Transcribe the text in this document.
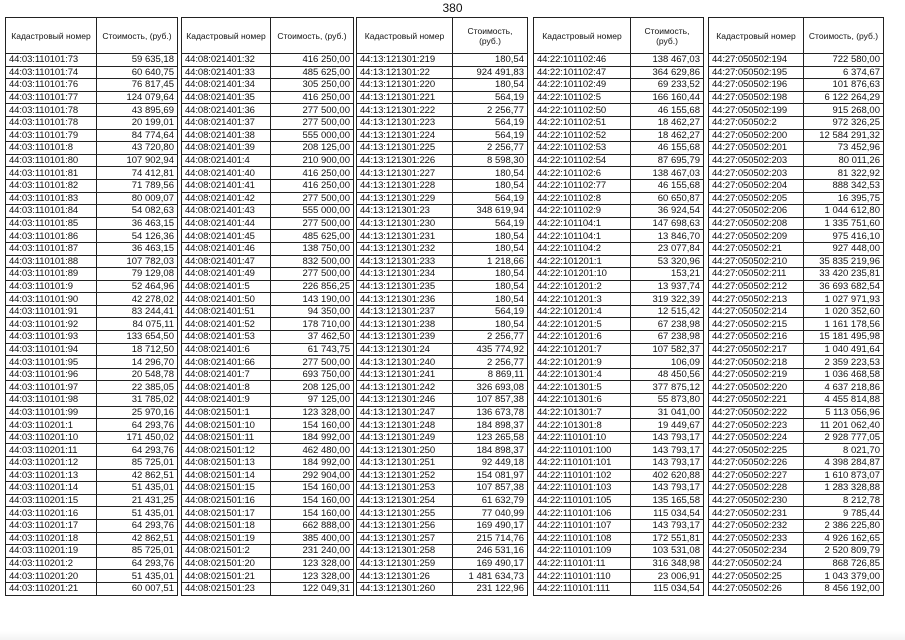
380
Кадастровый номер	Стоимость, (руб.)
44:03:110101:73	59 635,18
44:03:110101:74	60 640,75
44:03:110101:76	76 817,45
44:03:110101:77	124 079,64
44:03:110101:78	43 895,69
44:03:110101:78	20 199,01
44:03:110101:79	84 774,64
44:03:110101:8	43 720,80
44:03:110101:80	107 902,94
44:03:110101:81	74 412,81
44:03:110101:82	71 789,56
44:03:110101:83	80 009,07
44:03:110101:84	54 082,63
44:03:110101:85	36 463,15
44:03:110101:86	54 126,36
44:03:110101:87	36 463,15
44:03:110101:88	107 782,03
44:03:110101:89	79 129,08
44:03:110101:9	52 464,96
44:03:110101:90	42 278,02
44:03:110101:91	83 244,41
44:03:110101:92	84 075,11
44:03:110101:93	133 654,50
44:03:110101:94	18 712,50
44:03:110101:95	14 296,70
44:03:110101:96	20 548,78
44:03:110101:97	22 385,05
44:03:110101:98	31 785,02
44:03:110101:99	25 970,16
44:03:110201:1	64 293,76
44:03:110201:10	171 450,02
44:03:110201:11	64 293,76
44:03:110201:12	85 725,01
44:03:110201:13	42 862,51
44:03:110201:14	51 435,01
44:03:110201:15	21 431,25
44:03:110201:16	51 435,01
44:03:110201:17	64 293,76
44:03:110201:18	42 862,51
44:03:110201:19	85 725,01
44:03:110201:2	64 293,76
44:03:110201:20	51 435,01
44:03:110201:21	60 007,51
Кадастровый номер	Стоимость, (руб.)
44:08:021401:32	416 250,00
44:08:021401:33	485 625,00
44:08:021401:34	305 250,00
44:08:021401:35	416 250,00
44:08:021401:36	277 500,00
44:08:021401:37	277 500,00
44:08:021401:38	555 000,00
44:08:021401:39	208 125,00
44:08:021401:4	210 900,00
44:08:021401:40	416 250,00
44:08:021401:41	416 250,00
44:08:021401:42	277 500,00
44:08:021401:43	555 000,00
44:08:021401:44	277 500,00
44:08:021401:45	485 625,00
44:08:021401:46	138 750,00
44:08:021401:47	832 500,00
44:08:021401:49	277 500,00
44:08:021401:5	226 856,25
44:08:021401:50	143 190,00
44:08:021401:51	94 350,00
44:08:021401:52	178 710,00
44:08:021401:53	37 462,50
44:08:021401:6	61 743,75
44:08:021401:66	277 500,00
44:08:021401:7	693 750,00
44:08:021401:8	208 125,00
44:08:021401:9	97 125,00
44:08:021501:1	123 328,00
44:08:021501:10	154 160,00
44:08:021501:11	184 992,00
44:08:021501:12	462 480,00
44:08:021501:13	184 992,00
44:08:021501:14	292 904,00
44:08:021501:15	154 160,00
44:08:021501:16	154 160,00
44:08:021501:17	154 160,00
44:08:021501:18	662 888,00
44:08:021501:19	385 400,00
44:08:021501:2	231 240,00
44:08:021501:20	123 328,00
44:08:021501:21	123 328,00
44:08:021501:23	122 049,31
Кадастровый номер	Стоимость, (руб.)
44:13:121301:219	180,54
44:13:121301:22	924 491,83
44:13:121301:220	180,54
44:13:121301:221	564,19
44:13:121301:222	2 256,77
44:13:121301:223	564,19
44:13:121301:224	564,19
44:13:121301:225	2 256,77
44:13:121301:226	8 598,30
44:13:121301:227	180,54
44:13:121301:228	180,54
44:13:121301:229	564,19
44:13:121301:23	348 619,94
44:13:121301:230	564,19
44:13:121301:231	180,54
44:13:121301:232	180,54
44:13:121301:233	1 218,66
44:13:121301:234	180,54
44:13:121301:235	180,54
44:13:121301:236	180,54
44:13:121301:237	564,19
44:13:121301:238	180,54
44:13:121301:239	2 256,77
44:13:121301:24	435 774,92
44:13:121301:240	2 256,77
44:13:121301:241	8 869,11
44:13:121301:242	326 693,08
44:13:121301:246	107 857,38
44:13:121301:247	136 673,78
44:13:121301:248	184 898,37
44:13:121301:249	123 265,58
44:13:121301:250	184 898,37
44:13:121301:251	92 449,18
44:13:121301:252	154 081,97
44:13:121301:253	107 857,38
44:13:121301:254	61 632,79
44:13:121301:255	77 040,99
44:13:121301:256	169 490,17
44:13:121301:257	215 714,76
44:13:121301:258	246 531,16
44:13:121301:259	169 490,17
44:13:121301:26	1 481 634,73
44:13:121301:260	231 122,96
Кадастровый номер	Стоимость, (руб.)
44:22:101102:46	138 467,03
44:22:101102:47	364 629,86
44:22:101102:49	69 233,52
44:22:101102:5	166 160,44
44:22:101102:50	46 155,68
44:22:101102:51	18 462,27
44:22:101102:52	18 462,27
44:22:101102:53	46 155,68
44:22:101102:54	87 695,79
44:22:101102:6	138 467,03
44:22:101102:77	46 155,68
44:22:101102:8	60 650,87
44:22:101102:9	36 924,54
44:22:101104:1	147 698,63
44:22:101104:1	13 846,70
44:22:101104:2	23 077,84
44:22:101201:1	53 320,96
44:22:101201:10	153,21
44:22:101201:2	13 937,74
44:22:101201:3	319 322,39
44:22:101201:4	12 515,42
44:22:101201:5	67 238,98
44:22:101201:6	67 238,98
44:22:101201:7	107 582,37
44:22:101201:9	106,09
44:22:101301:4	48 450,56
44:22:101301:5	377 875,12
44:22:101301:6	55 873,80
44:22:101301:7	31 041,00
44:22:101301:8	19 449,67
44:22:110101:10	143 793,17
44:22:110101:100	143 793,17
44:22:110101:101	143 793,17
44:22:110101:102	402 620,88
44:22:110101:103	143 793,17
44:22:110101:105	135 165,58
44:22:110101:106	115 034,54
44:22:110101:107	143 793,17
44:22:110101:108	172 551,81
44:22:110101:109	103 531,08
44:22:110101:11	316 348,98
44:22:110101:110	23 006,91
44:22:110101:111	115 034,54
Кадастровый номер	Стоимость, (руб.)
44:27:050502:194	722 580,00
44:27:050502:195	6 374,67
44:27:050502:196	101 876,63
44:27:050502:198	6 122 264,29
44:27:050502:199	915 268,00
44:27:050502:2	972 326,25
44:27:050502:200	12 584 291,32
44:27:050502:201	73 452,96
44:27:050502:203	80 011,26
44:27:050502:203	81 322,92
44:27:050502:204	888 342,53
44:27:050502:205	16 395,75
44:27:050502:206	1 044 612,80
44:27:050502:208	1 335 751,60
44:27:050502:209	975 416,10
44:27:050502:21	927 448,00
44:27:050502:210	35 835 219,96
44:27:050502:211	33 420 235,81
44:27:050502:212	36 693 682,54
44:27:050502:213	1 027 971,93
44:27:050502:214	1 020 352,60
44:27:050502:215	1 161 178,56
44:27:050502:216	15 181 495,98
44:27:050502:217	1 040 491,64
44:27:050502:218	2 359 223,53
44:27:050502:219	1 036 468,58
44:27:050502:220	4 637 218,86
44:27:050502:221	4 455 814,88
44:27:050502:222	5 113 056,96
44:27:050502:223	11 201 062,40
44:27:050502:224	2 928 777,05
44:27:050502:225	8 021,70
44:27:050502:226	4 398 284,87
44:27:050502:227	1 610 873,07
44:27:050502:228	1 283 328,88
44:27:050502:230	8 212,78
44:27:050502:231	9 785,44
44:27:050502:232	2 386 225,80
44:27:050502:233	4 926 162,65
44:27:050502:234	2 520 809,79
44:27:050502:24	868 726,85
44:27:050502:25	1 043 379,00
44:27:050502:26	8 456 192,00
